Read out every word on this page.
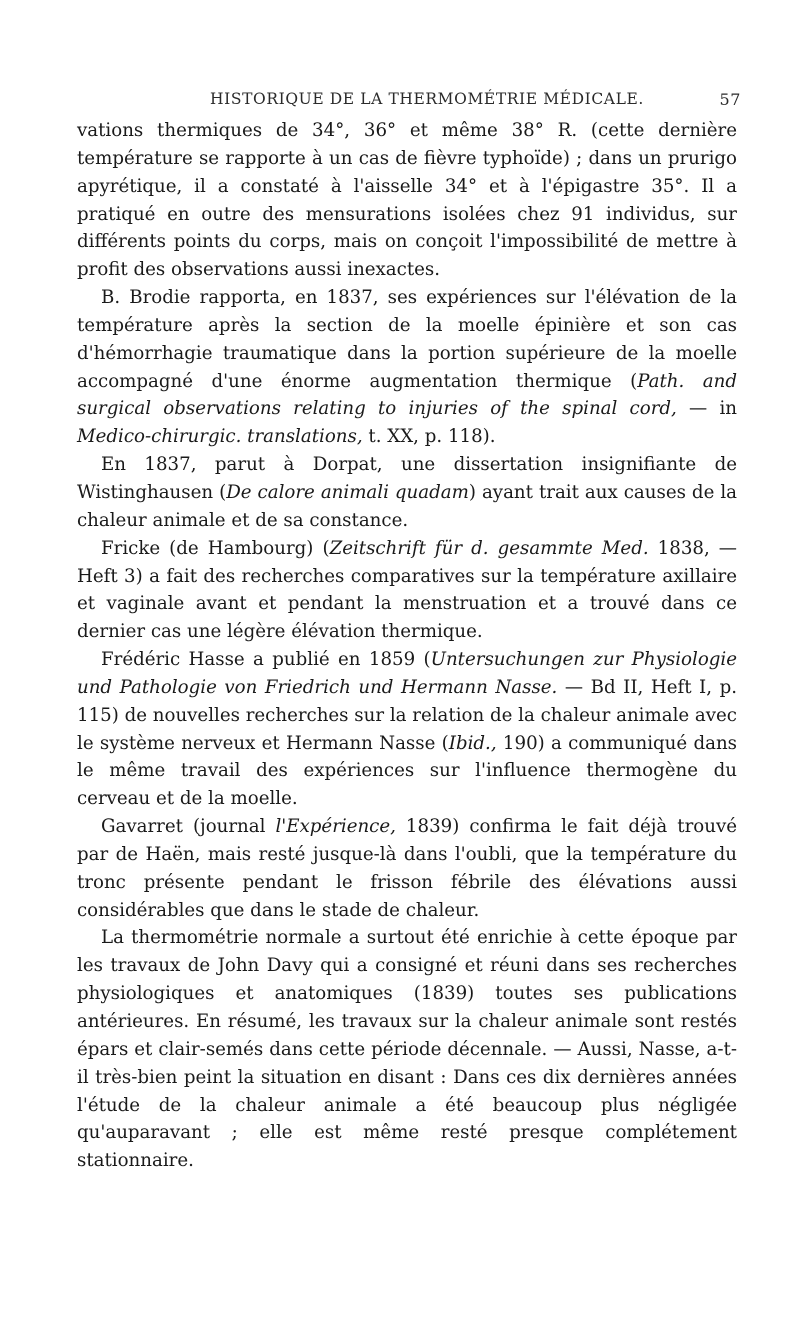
HISTORIQUE DE LA THERMOMÉTRIE MÉDICALE.	57

vations thermiques de 34°, 36° et même 38° R. (cette dernière température se rapporte à un cas de fièvre typhoïde) ; dans un prurigo apyrétique, il a constaté à l'aisselle 34° et à l'épigastre 35°. Il a pratiqué en outre des mensurations isolées chez 91 individus, sur différents points du corps, mais on conçoit l'impossibilité de mettre à profit des observations aussi inexactes.

B. Brodie rapporta, en 1837, ses expériences sur l'élévation de la température après la section de la moelle épinière et son cas d'hémorrhagie traumatique dans la portion supérieure de la moelle accompagné d'une énorme augmentation thermique (Path. and surgical observations relating to injuries of the spinal cord, — in Medico-chirurgic. translations, t. XX, p. 118).

En 1837, parut à Dorpat, une dissertation insignifiante de Wistinghausen (De calore animali quadam) ayant trait aux causes de la chaleur animale et de sa constance.

Fricke (de Hambourg) (Zeitschrift für d. gesammte Med. 1838, — Heft 3) a fait des recherches comparatives sur la température axillaire et vaginale avant et pendant la menstruation et a trouvé dans ce dernier cas une légère élévation thermique.

Frédéric Hasse a publié en 1859 (Untersuchungen zur Physiologie und Pathologie von Friedrich und Hermann Nasse. — Bd II, Heft I, p. 115) de nouvelles recherches sur la relation de la chaleur animale avec le système nerveux et Hermann Nasse (Ibid., 190) a communiqué dans le même travail des expériences sur l'influence thermogène du cerveau et de la moelle.

Gavarret (journal l'Expérience, 1839) confirma le fait déjà trouvé par de Haën, mais resté jusque-là dans l'oubli, que la température du tronc présente pendant le frisson fébrile des élévations aussi considérables que dans le stade de chaleur.

La thermométrie normale a surtout été enrichie à cette époque par les travaux de John Davy qui a consigné et réuni dans ses recherches physiologiques et anatomiques (1839) toutes ses publications antérieures. En résumé, les travaux sur la chaleur animale sont restés épars et clair-semés dans cette période décennale. — Aussi, Nasse, a-t-il très-bien peint la situation en disant : Dans ces dix dernières années l'étude de la chaleur animale a été beaucoup plus négligée qu'auparavant ; elle est même resté presque complétement stationnaire.
